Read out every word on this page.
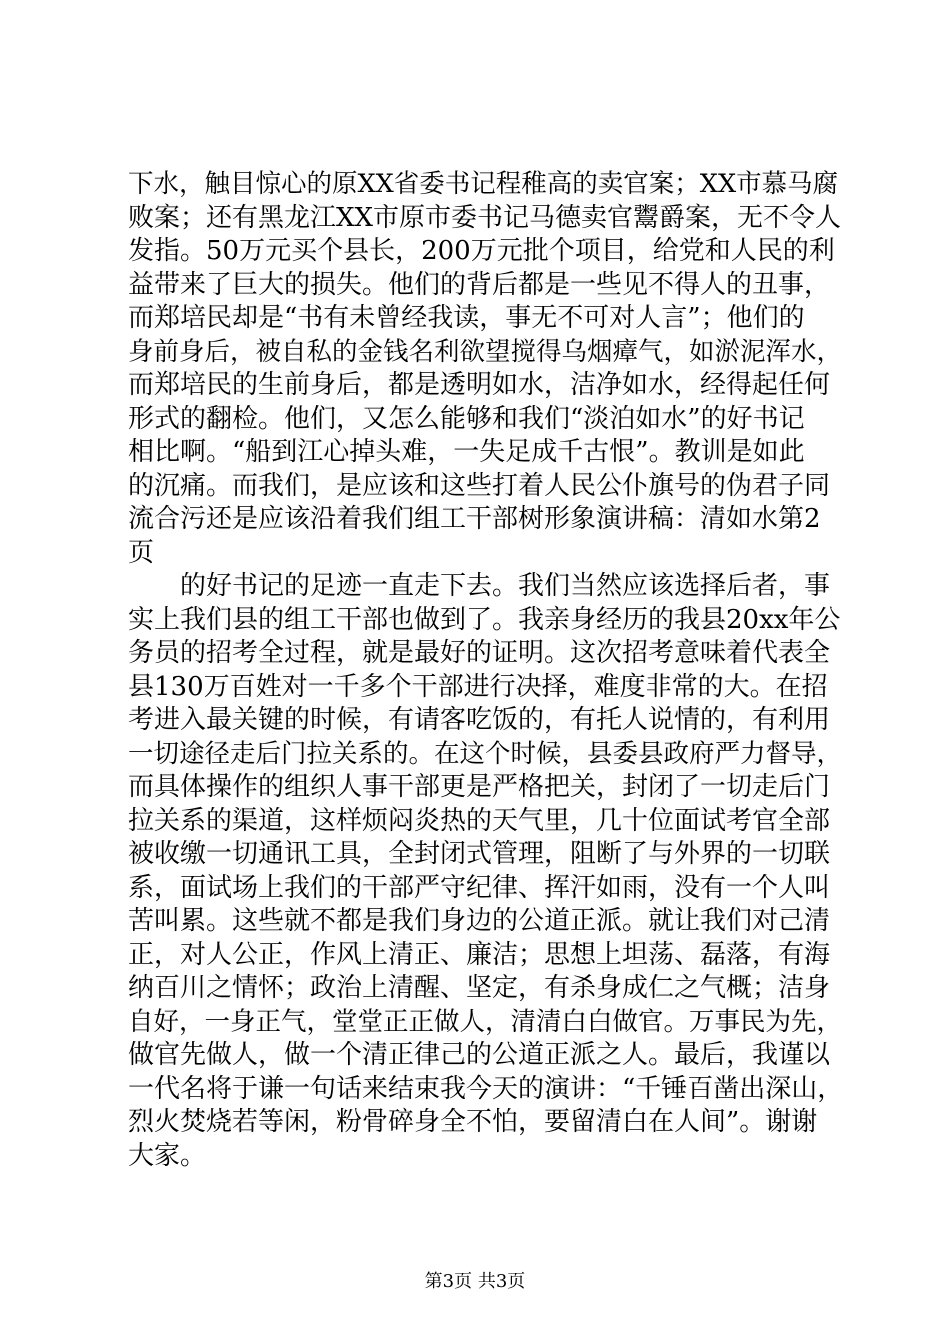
下水，触目惊心的原XX省委书记程稚高的卖官案；XX市慕马腐
败案；还有黑龙江XX市原市委书记马德卖官鬻爵案，无不令人
发指。50万元买个县长，200万元批个项目，给党和人民的利
益带来了巨大的损失。他们的背后都是一些见不得人的丑事，
而郑培民却是“书有未曾经我读，事无不可对人言”；他们的
身前身后，被自私的金钱名利欲望搅得乌烟瘴气，如淤泥浑水，
而郑培民的生前身后，都是透明如水，洁净如水，经得起任何
形式的翻检。他们，又怎么能够和我们“淡泊如水”的好书记
相比啊。“船到江心掉头难，一失足成千古恨”。教训是如此
的沉痛。而我们，是应该和这些打着人民公仆旗号的伪君子同
流合污还是应该沿着我们组工干部树形象演讲稿：清如水第2
页
的好书记的足迹一直走下去。我们当然应该选择后者，事
实上我们县的组工干部也做到了。我亲身经历的我县20xx年公
务员的招考全过程，就是最好的证明。这次招考意味着代表全
县130万百姓对一千多个干部进行决择，难度非常的大。在招
考进入最关键的时候，有请客吃饭的，有托人说情的，有利用
一切途径走后门拉关系的。在这个时候，县委县政府严力督导，
而具体操作的组织人事干部更是严格把关，封闭了一切走后门
拉关系的渠道，这样烦闷炎热的天气里，几十位面试考官全部
被收缴一切通讯工具，全封闭式管理，阻断了与外界的一切联
系，面试场上我们的干部严守纪律、挥汗如雨，没有一个人叫
苦叫累。这些就不都是我们身边的公道正派。就让我们对己清
正，对人公正，作风上清正、廉洁；思想上坦荡、磊落，有海
纳百川之情怀；政治上清醒、坚定，有杀身成仁之气概；洁身
自好，一身正气，堂堂正正做人，清清白白做官。万事民为先，
做官先做人，做一个清正律己的公道正派之人。最后，我谨以
一代名将于谦一句话来结束我今天的演讲：“千锤百凿出深山，
烈火焚烧若等闲，粉骨碎身全不怕，要留清白在人间”。谢谢
大家。
第3页 共3页
